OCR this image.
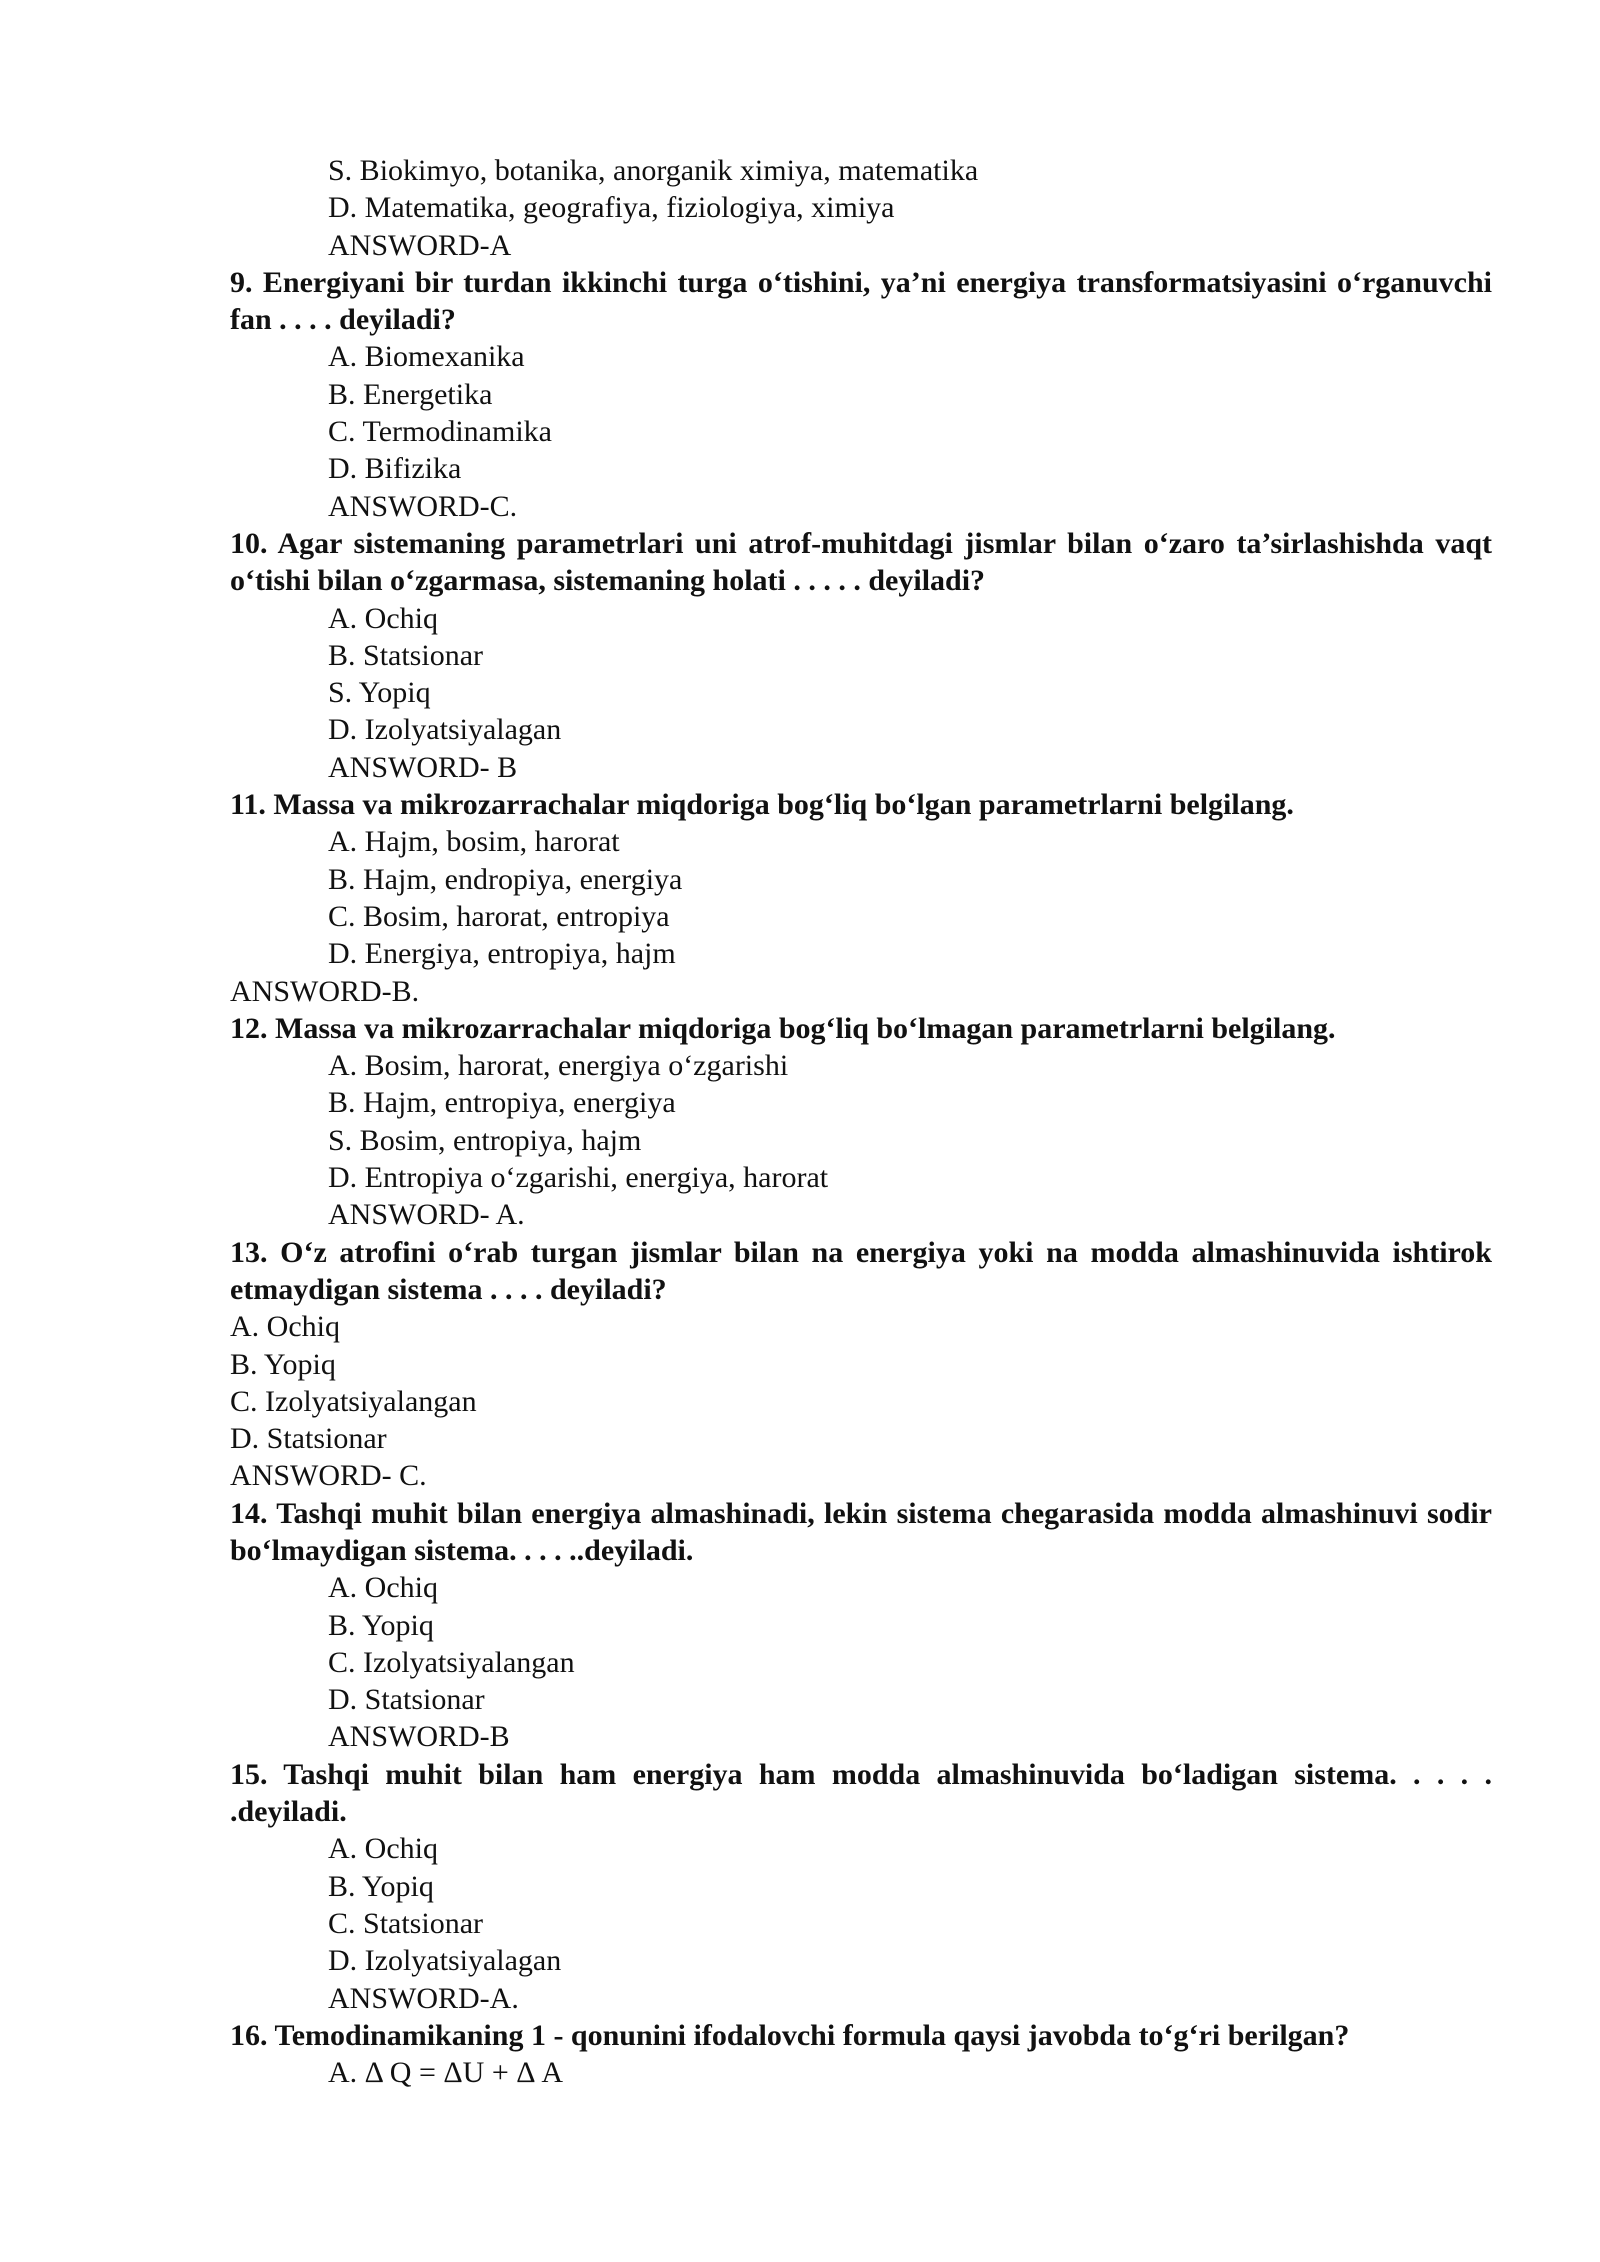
S. Biokimyo, botanika, anorganik ximiya, matematika
D. Matematika, geografiya, fiziologiya, ximiya
ANSWORD-A
9. Energiyani bir turdan ikkinchi turga o‘tishini, ya’ni energiya transformatsiyasini o‘rganuvchi fan . . . . deyiladi?
A. Biomexanika
B. Energetika
C. Termodinamika
D. Bifizika
ANSWORD-C.
10. Agar sistemaning parametrlari uni atrof-muhitdagi jismlar bilan o‘zaro ta’sirlashishda vaqt o‘tishi bilan o‘zgarmasa, sistemaning holati . . . . . deyiladi?
A. Ochiq
B. Statsionar
S. Yopiq
D. Izolyatsiyalagan
ANSWORD- B
11. Massa va mikrozarrachalar miqdoriga bog‘liq bo‘lgan parametrlarni belgilang.
A. Hajm, bosim, harorat
B. Hajm, endropiya, energiya
C. Bosim, harorat, entropiya
D. Energiya, entropiya, hajm
ANSWORD-B.
12. Massa va mikrozarrachalar miqdoriga bog‘liq bo‘lmagan parametrlarni belgilang.
A. Bosim, harorat, energiya o‘zgarishi
B. Hajm, entropiya, energiya
S. Bosim, entropiya, hajm
D. Entropiya o‘zgarishi, energiya, harorat
ANSWORD- A.
13. O‘z atrofini o‘rab turgan jismlar bilan na energiya yoki na modda almashinuvida ishtirok etmaydigan sistema . . . . deyiladi?
A. Ochiq
B. Yopiq
C. Izolyatsiyalangan
D. Statsionar
ANSWORD- C.
14. Tashqi muhit bilan energiya almashinadi, lekin sistema chegarasida modda almashinuvi sodir bo‘lmaydigan sistema. . . . ..deyiladi.
A. Ochiq
B. Yopiq
C. Izolyatsiyalangan
D. Statsionar
ANSWORD-B
15. Tashqi muhit bilan ham energiya ham modda almashinuvida bo‘ladigan sistema. . . . . .deyiladi.
A. Ochiq
B. Yopiq
C. Statsionar
D. Izolyatsiyalagan
ANSWORD-A.
16. Temodinamikaning 1 - qonunini ifodalovchi formula qaysi javobda to‘g‘ri berilgan?
A. Δ Q = ΔU + Δ A
